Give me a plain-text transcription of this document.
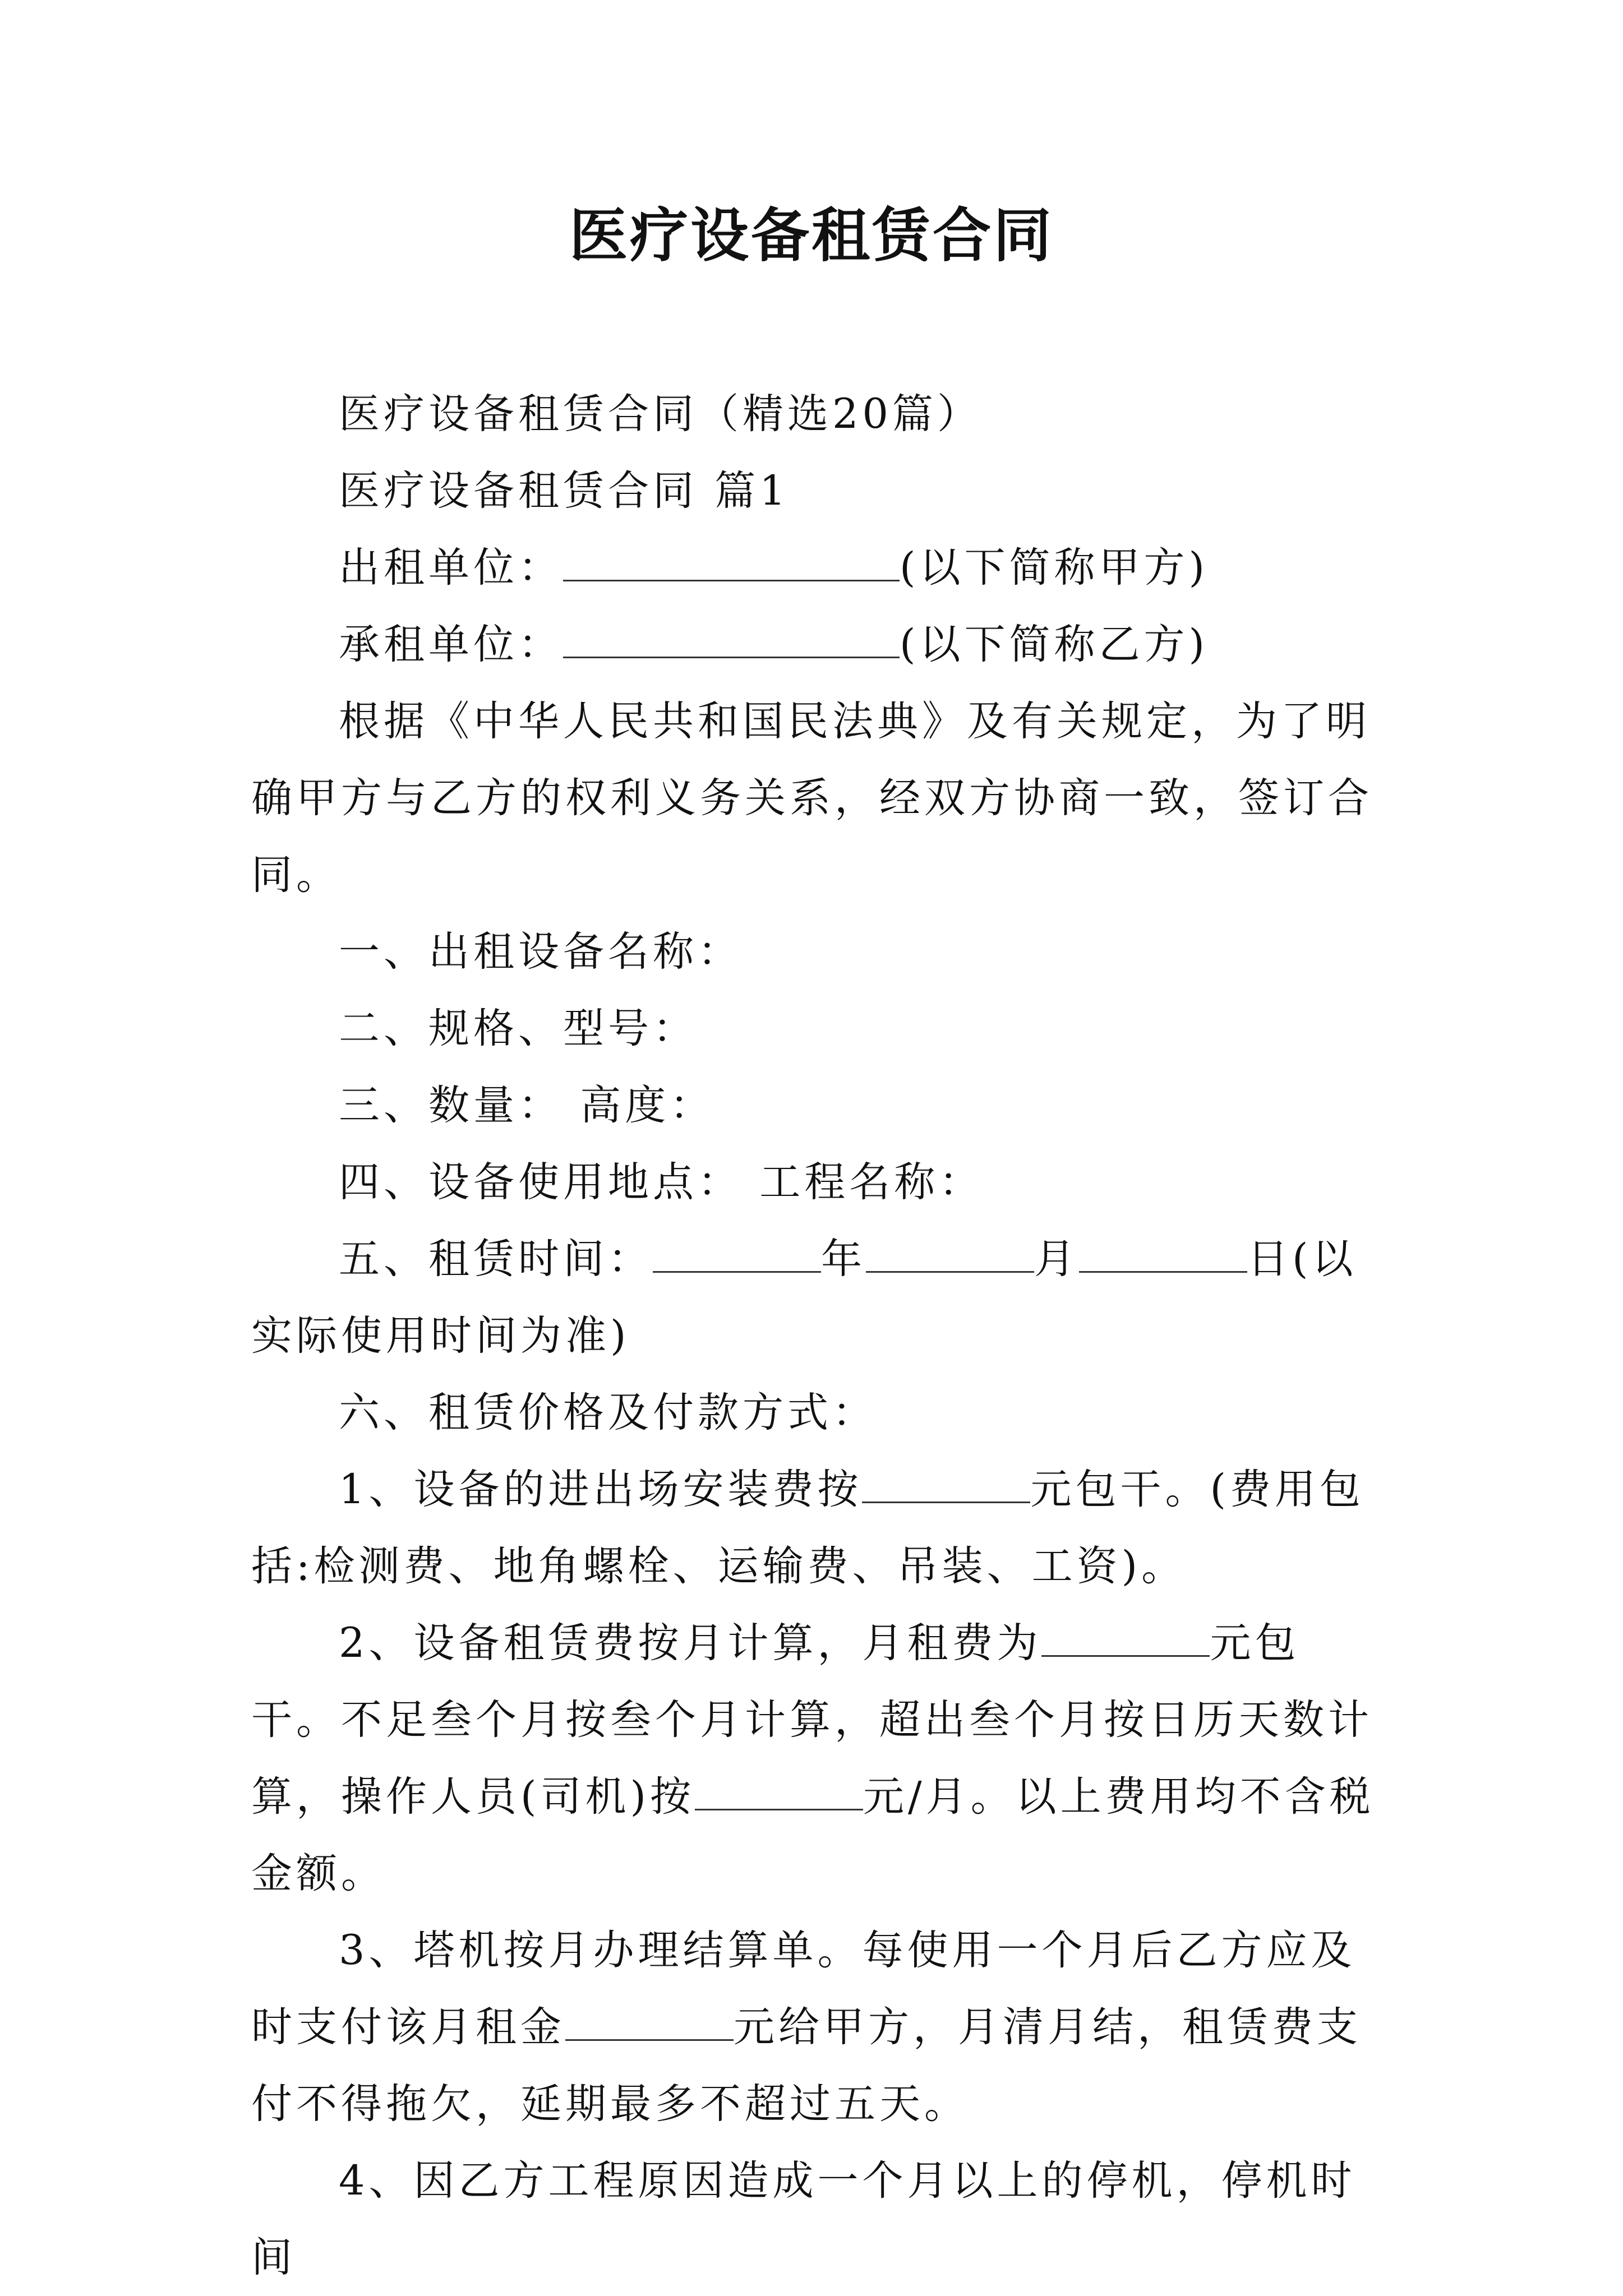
医疗设备租赁合同

医疗设备租赁合同（精选20篇）

医疗设备租赁合同 篇1

出租单位：	(以下简称甲方)

承租单位：	(以下简称乙方)

根据《中华人民共和国民法典》及有关规定，为了明确甲方与乙方的权利义务关系，经双方协商一致，签订合同。

一、出租设备名称：

二、规格、型号：

三、数量： 高度：

四、设备使用地点： 工程名称：

五、租赁时间：	年	月	日(以实际使用时间为准)

六、租赁价格及付款方式：

1、设备的进出场安装费按	元包干。(费用包括:检测费、地角螺栓、运输费、吊装、工资)。

2、设备租赁费按月计算，月租费为	元包干。不足叁个月按叁个月计算，超出叁个月按日历天数计算，操作人员(司机)按	元/月。以上费用均不含税金额。

3、塔机按月办理结算单。每使用一个月后乙方应及时支付该月租金	元给甲方，月清月结，租赁费支付不得拖欠，延期最多不超过五天。

4、因乙方工程原因造成一个月以上的停机，停机时间
